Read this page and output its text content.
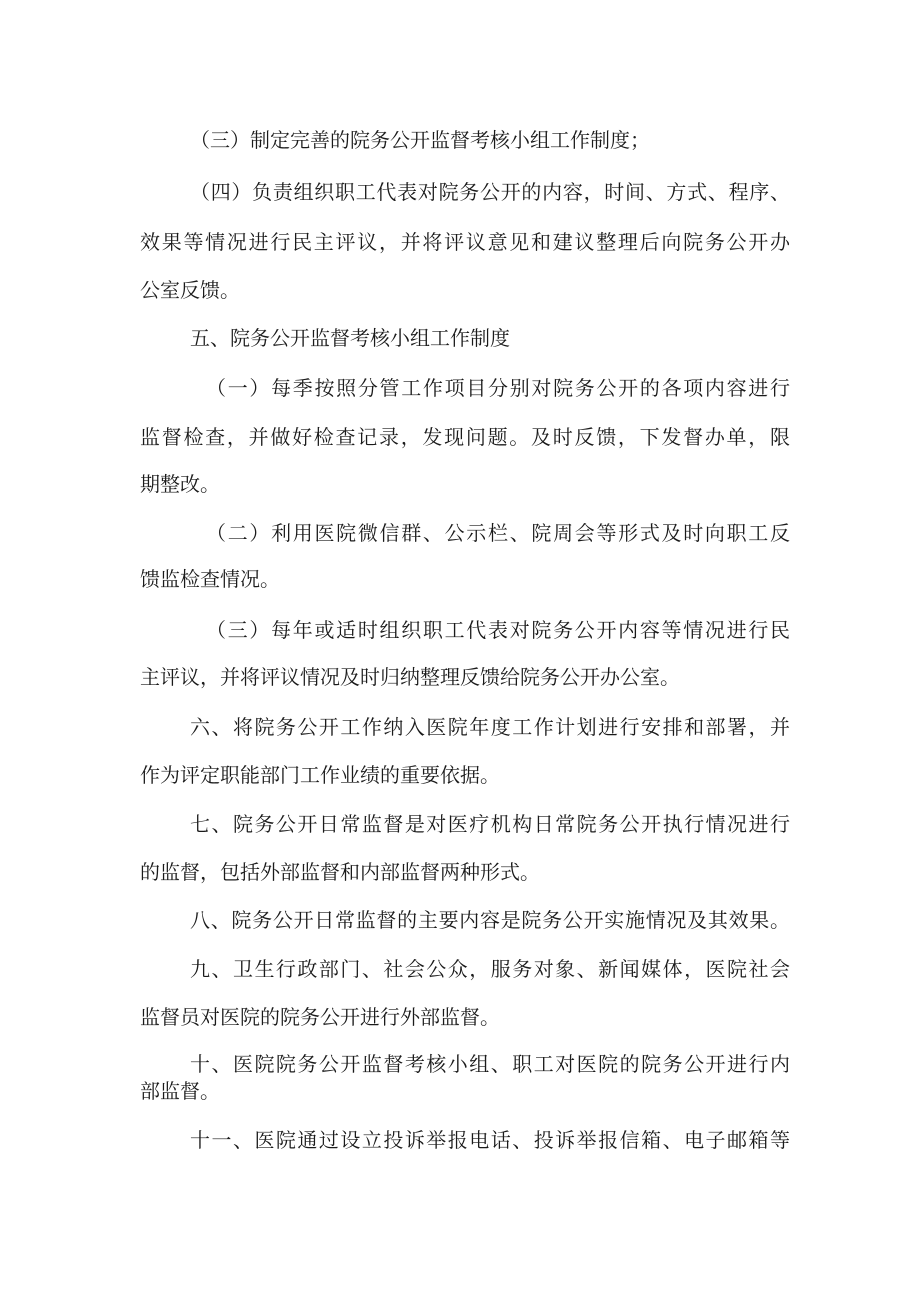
（三）制定完善的院务公开监督考核小组工作制度；
（四）负责组织职工代表对院务公开的内容，时间、方式、程序、
效果等情况进行民主评议，并将评议意见和建议整理后向院务公开办
公室反馈。
五、院务公开监督考核小组工作制度
（一）每季按照分管工作项目分别对院务公开的各项内容进行
监督检查，并做好检查记录，发现问题。及时反馈，下发督办单，限
期整改。
（二）利用医院微信群、公示栏、院周会等形式及时向职工反
馈监检查情况。
（三）每年或适时组织职工代表对院务公开内容等情况进行民
主评议，并将评议情况及时归纳整理反馈给院务公开办公室。
六、将院务公开工作纳入医院年度工作计划进行安排和部署，并
作为评定职能部门工作业绩的重要依据。
七、院务公开日常监督是对医疗机构日常院务公开执行情况进行
的监督，包括外部监督和内部监督两种形式。
八、院务公开日常监督的主要内容是院务公开实施情况及其效果。
九、卫生行政部门、社会公众，服务对象、新闻媒体，医院社会
监督员对医院的院务公开进行外部监督。
十、医院院务公开监督考核小组、职工对医院的院务公开进行内
部监督。
十一、医院通过设立投诉举报电话、投诉举报信箱、电子邮箱等
